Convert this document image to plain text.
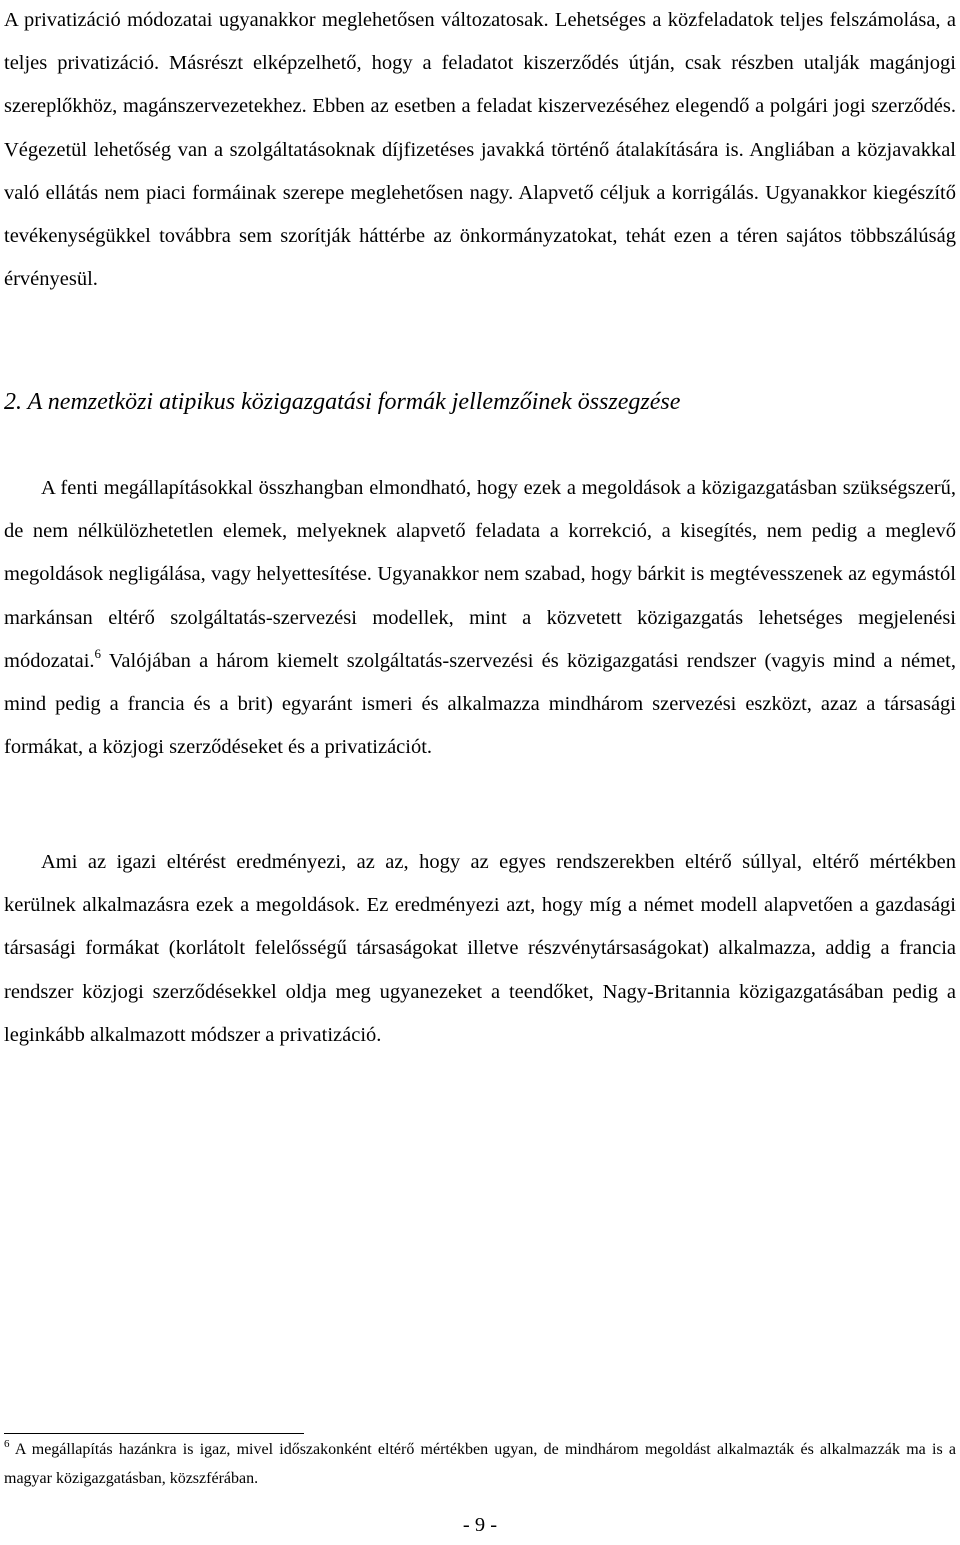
A privatizáció módozatai ugyanakkor meglehetősen változatosak. Lehetséges a közfeladatok teljes felszámolása, a teljes privatizáció. Másrészt elképzelhető, hogy a feladatot kiszerződés útján, csak részben utalják magánjogi szereplőkhöz, magánszervezetekhez. Ebben az esetben a feladat kiszervezéséhez elegendő a polgári jogi szerződés. Végezetül lehetőség van a szolgáltatásoknak díjfizetéses javakká történő átalakítására is. Angliában a közjavakkal való ellátás nem piaci formáinak szerepe meglehetősen nagy. Alapvető céljuk a korrigálás. Ugyanakkor kiegészítő tevékenységükkel továbbra sem szorítják háttérbe az önkormányzatokat, tehát ezen a téren sajátos többszálúság érvényesül.

2. A nemzetközi atipikus közigazgatási formák jellemzőinek összegzése

A fenti megállapításokkal összhangban elmondható, hogy ezek a megoldások a közigazgatásban szükségszerű, de nem nélkülözhetetlen elemek, melyeknek alapvető feladata a korrekció, a kisegítés, nem pedig a meglevő megoldások negligálása, vagy helyettesítése. Ugyanakkor nem szabad, hogy bárkit is megtévesszenek az egymástól markánsan eltérő szolgáltatás-szervezési modellek, mint a közvetett közigazgatás lehetséges megjelenési módozatai.$^6$ Valójában a három kiemelt szolgáltatás-szervezési és közigazgatási rendszer (vagyis mind a német, mind pedig a francia és a brit) egyaránt ismeri és alkalmazza mindhárom szervezési eszközt, azaz a társasági formákat, a közjogi szerződéseket és a privatizációt.

Ami az igazi eltérést eredményezi, az az, hogy az egyes rendszerekben eltérő súllyal, eltérő mértékben kerülnek alkalmazásra ezek a megoldások. Ez eredményezi azt, hogy míg a német modell alapvetően a gazdasági társasági formákat (korlátolt felelősségű társaságokat illetve részvénytársaságokat) alkalmazza, addig a francia rendszer közjogi szerződésekkel oldja meg ugyanezeket a teendőket, Nagy-Britannia közigazgatásában pedig a leginkább alkalmazott módszer a privatizáció.

$^6$ A megállapítás hazánkra is igaz, mivel időszakonként eltérő mértékben ugyan, de mindhárom megoldást alkalmazták és alkalmazzák ma is a magyar közigazgatásban, közszférában.

- 9 -
